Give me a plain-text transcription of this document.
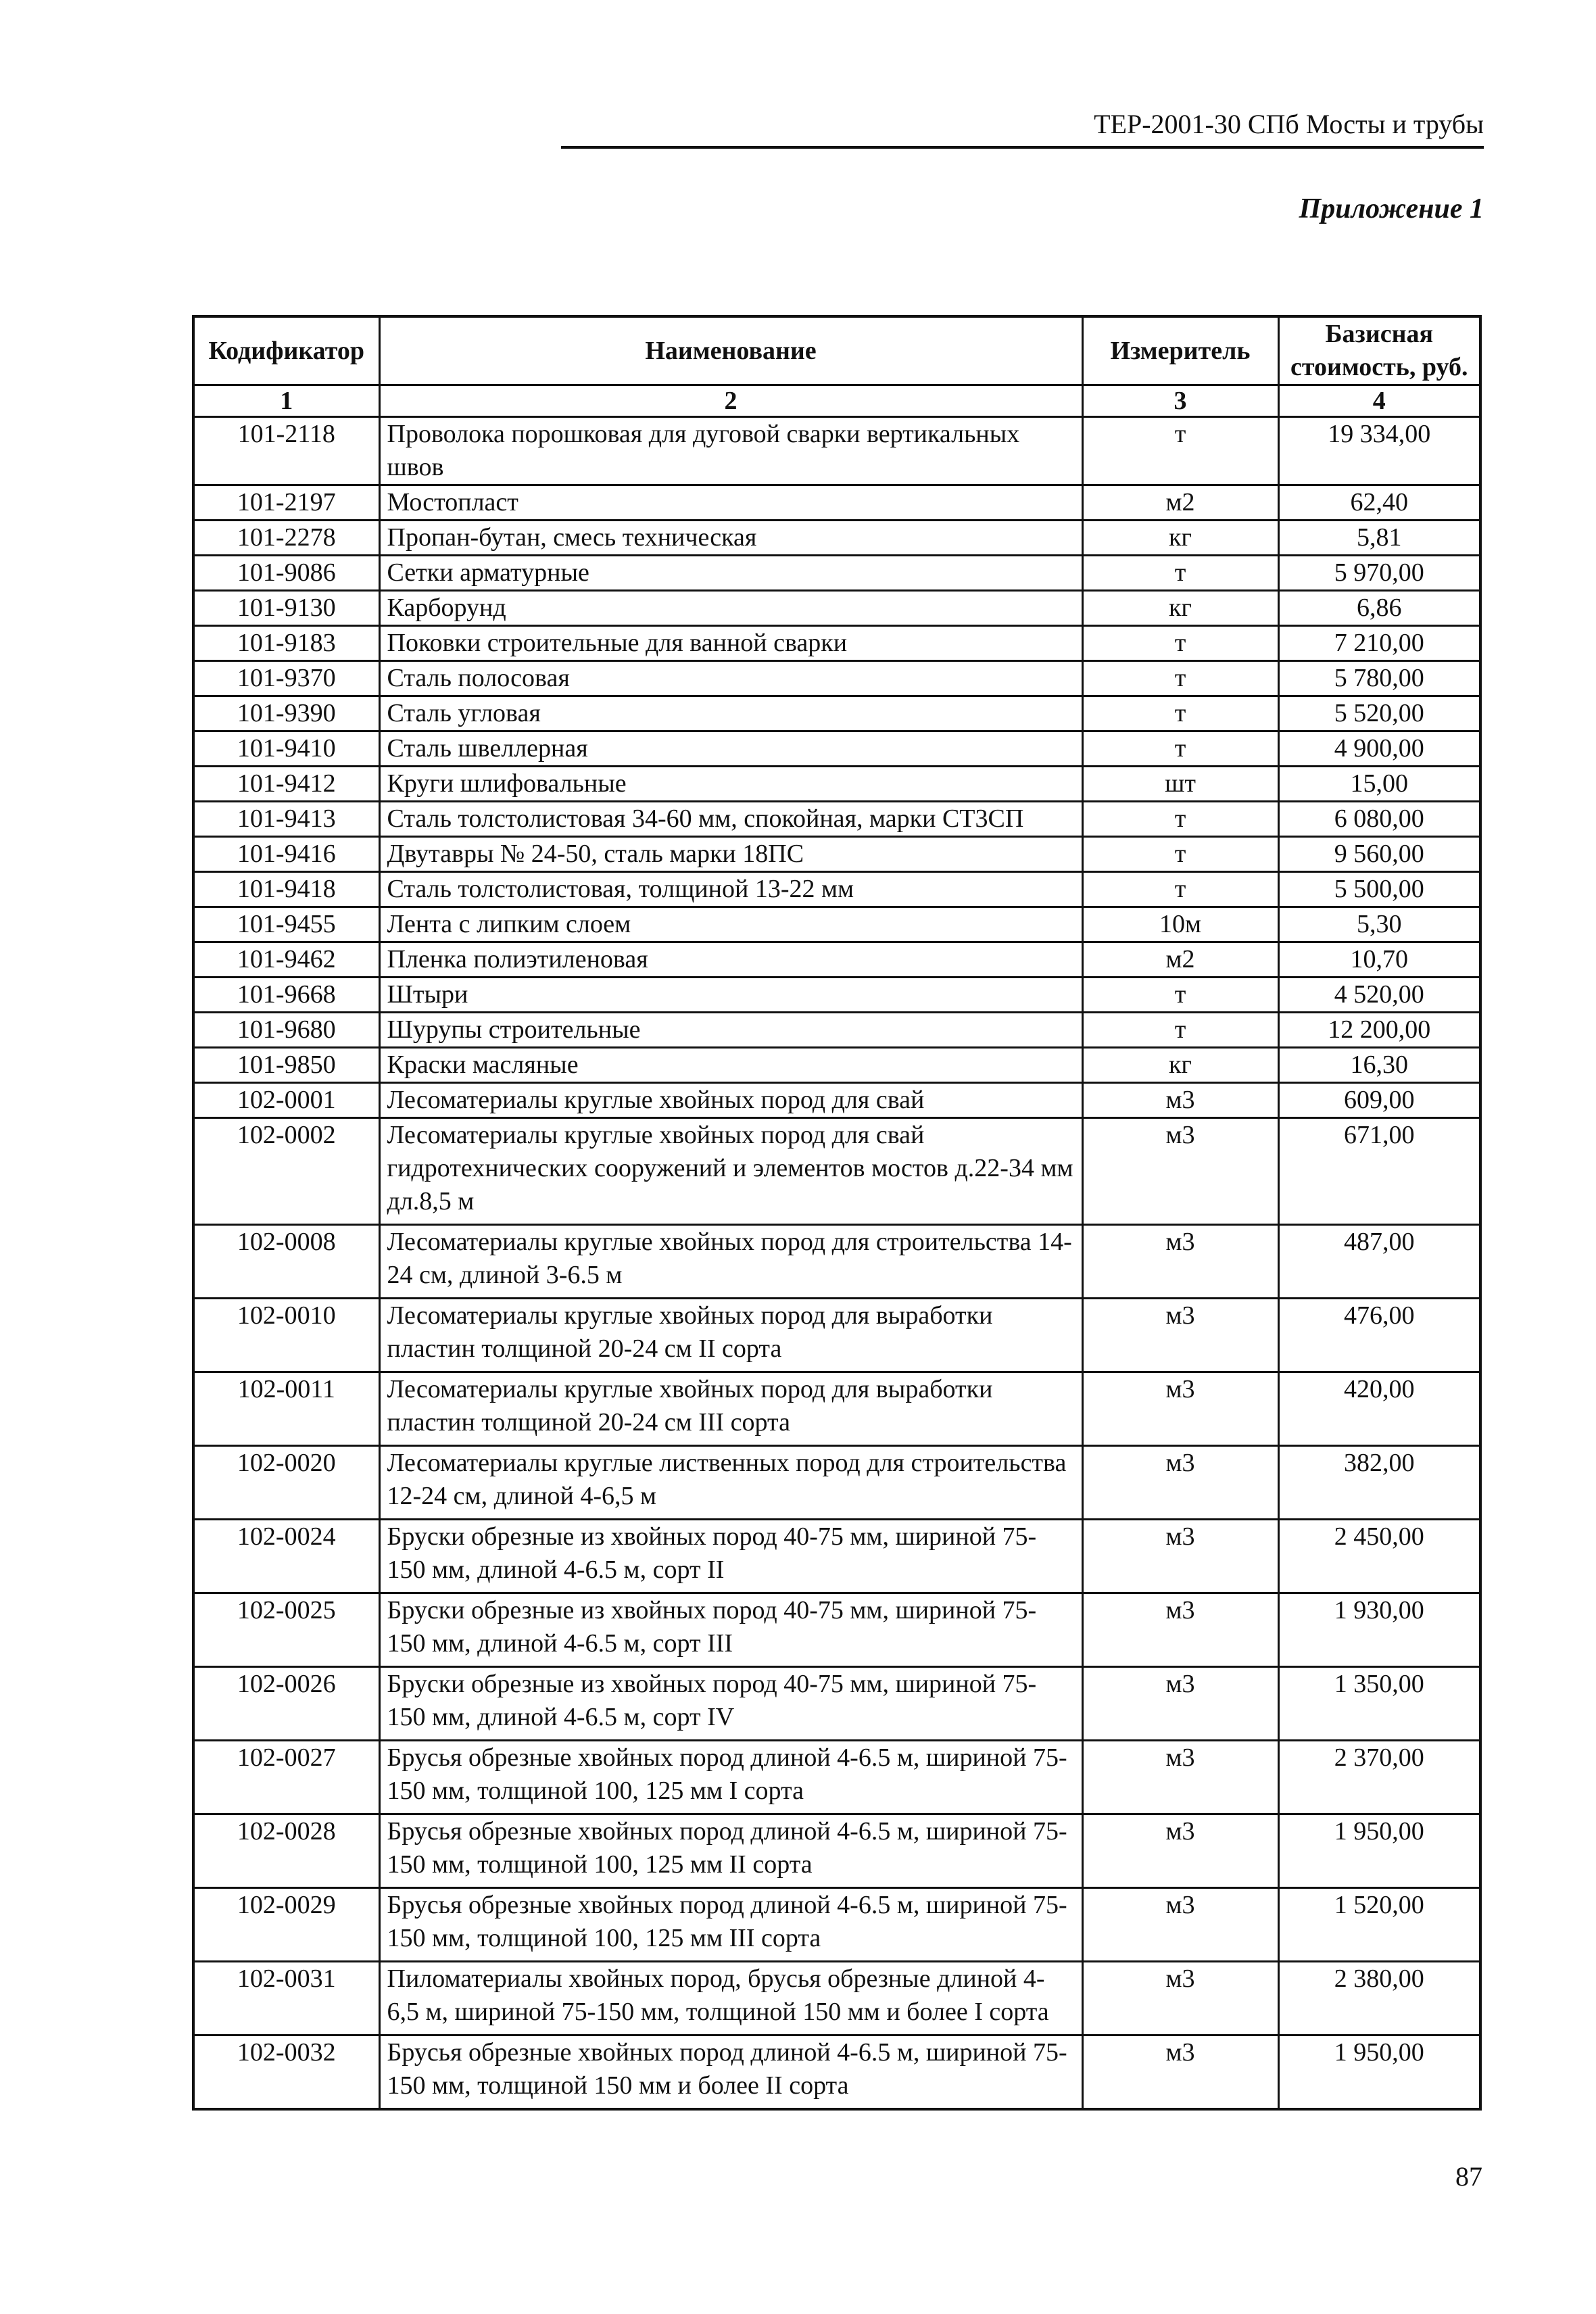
ТЕР-2001-30 СПб Мосты и трубы
Приложение 1
Кодификатор	Наименование	Измеритель	Базисная стоимость, руб.
1	2	3	4
101-2118	Проволока порошковая для дуговой сварки вертикальных швов	т	19 334,00
101-2197	Мостопласт	м2	62,40
101-2278	Пропан-бутан, смесь техническая	кг	5,81
101-9086	Сетки арматурные	т	5 970,00
101-9130	Карборунд	кг	6,86
101-9183	Поковки строительные для ванной сварки	т	7 210,00
101-9370	Сталь полосовая	т	5 780,00
101-9390	Сталь угловая	т	5 520,00
101-9410	Сталь швеллерная	т	4 900,00
101-9412	Круги шлифовальные	шт	15,00
101-9413	Сталь толстолистовая 34-60 мм, спокойная, марки СТ3СП	т	6 080,00
101-9416	Двутавры № 24-50, сталь марки 18ПС	т	9 560,00
101-9418	Сталь толстолистовая, толщиной 13-22 мм	т	5 500,00
101-9455	Лента с липким слоем	10м	5,30
101-9462	Пленка полиэтиленовая	м2	10,70
101-9668	Штыри	т	4 520,00
101-9680	Шурупы строительные	т	12 200,00
101-9850	Краски масляные	кг	16,30
102-0001	Лесоматериалы круглые хвойных пород для свай	м3	609,00
102-0002	Лесоматериалы круглые хвойных пород для свай гидротехнических сооружений и элементов мостов д.22-34 мм дл.8,5 м	м3	671,00
102-0008	Лесоматериалы круглые хвойных пород для строительства 14-24 см, длиной 3-6.5 м	м3	487,00
102-0010	Лесоматериалы круглые хвойных пород для выработки пластин толщиной 20-24 см II сорта	м3	476,00
102-0011	Лесоматериалы круглые хвойных пород для выработки пластин толщиной 20-24 см III сорта	м3	420,00
102-0020	Лесоматериалы круглые лиственных пород для строительства 12-24 см, длиной 4-6,5 м	м3	382,00
102-0024	Бруски обрезные из хвойных пород 40-75 мм, шириной 75-150 мм, длиной 4-6.5 м, сорт II	м3	2 450,00
102-0025	Бруски обрезные из хвойных пород 40-75 мм, шириной 75-150 мм, длиной 4-6.5 м, сорт III	м3	1 930,00
102-0026	Бруски обрезные из хвойных пород 40-75 мм, шириной 75-150 мм, длиной 4-6.5 м, сорт IV	м3	1 350,00
102-0027	Брусья обрезные хвойных пород длиной 4-6.5 м, шириной 75-150 мм, толщиной 100, 125 мм I сорта	м3	2 370,00
102-0028	Брусья обрезные хвойных пород длиной 4-6.5 м, шириной 75-150 мм, толщиной 100, 125 мм II сорта	м3	1 950,00
102-0029	Брусья обрезные хвойных пород длиной 4-6.5 м, шириной 75-150 мм, толщиной 100, 125 мм III сорта	м3	1 520,00
102-0031	Пиломатериалы хвойных пород, брусья обрезные длиной 4-6,5 м, шириной 75-150 мм, толщиной 150 мм и более I сорта	м3	2 380,00
102-0032	Брусья обрезные хвойных пород длиной 4-6.5 м, шириной 75-150 мм, толщиной 150 мм и более II сорта	м3	1 950,00
87
